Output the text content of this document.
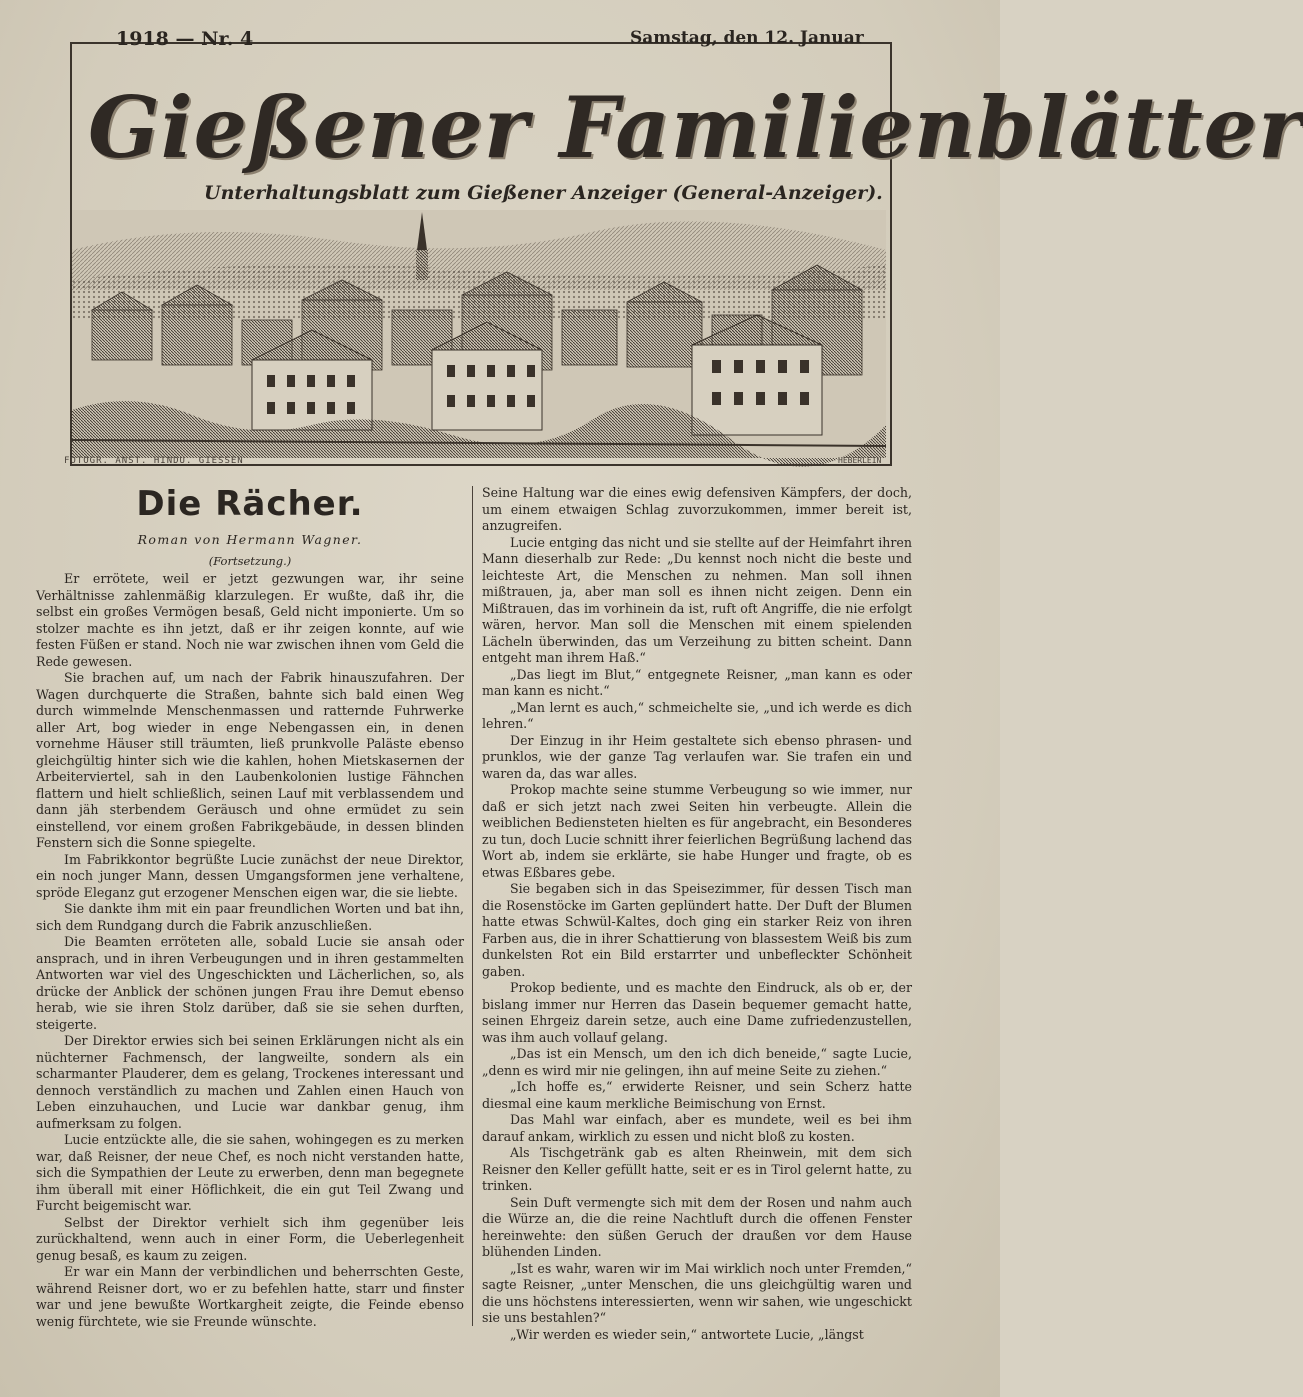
1918 — Nr. 4	Samstag, den 12. Januar
Gießener Familienblätter
Unterhaltungsblatt zum Gießener Anzeiger (General-Anzeiger).
FOTOGR. ANST. HINDU. GIESSEN	HEBERLEIN
Die Rächer.
Roman von Hermann Wagner.
(Fortsetzung.)

Er errötete, weil er jetzt gezwungen war, ihr seine Verhältnisse zahlenmäßig klarzulegen. Er wußte, daß ihr, die selbst ein großes Vermögen besaß, Geld nicht imponierte. Um so stolzer machte es ihn jetzt, daß er ihr zeigen konnte, auf wie festen Füßen er stand. Noch nie war zwischen ihnen vom Geld die Rede gewesen.

Sie brachen auf, um nach der Fabrik hinauszufahren. Der Wagen durchquerte die Straßen, bahnte sich bald einen Weg durch wimmelnde Menschenmassen und ratternde Fuhrwerke aller Art, bog wieder in enge Nebengassen ein, in denen vornehme Häuser still träumten, ließ prunkvolle Paläste ebenso gleichgültig hinter sich wie die kahlen, hohen Mietskasernen der Arbeiterviertel, sah in den Laubenkolonien lustige Fähnchen flattern und hielt schließlich, seinen Lauf mit verblassendem und dann jäh sterbendem Geräusch und ohne ermüdet zu sein einstellend, vor einem großen Fabrikgebäude, in dessen blinden Fenstern sich die Sonne spiegelte.

Im Fabrikkontor begrüßte Lucie zunächst der neue Direktor, ein noch junger Mann, dessen Umgangsformen jene verhaltene, spröde Eleganz gut erzogener Menschen eigen war, die sie liebte.

Sie dankte ihm mit ein paar freundlichen Worten und bat ihn, sich dem Rundgang durch die Fabrik anzuschließen.

Die Beamten erröteten alle, sobald Lucie sie ansah oder ansprach, und in ihren Verbeugungen und in ihren gestammelten Antworten war viel des Ungeschickten und Lächerlichen, so, als drücke der Anblick der schönen jungen Frau ihre Demut ebenso herab, wie sie ihren Stolz darüber, daß sie sie sehen durften, steigerte.

Der Direktor erwies sich bei seinen Erklärungen nicht als ein nüchterner Fachmensch, der langweilte, sondern als ein scharmanter Plauderer, dem es gelang, Trockenes interessant und dennoch verständlich zu machen und Zahlen einen Hauch von Leben einzuhauchen, und Lucie war dankbar genug, ihm aufmerksam zu folgen.

Lucie entzückte alle, die sie sahen, wohingegen es zu merken war, daß Reisner, der neue Chef, es noch nicht verstanden hatte, sich die Sympathien der Leute zu erwerben, denn man begegnete ihm überall mit einer Höflichkeit, die ein gut Teil Zwang und Furcht beigemischt war.

Selbst der Direktor verhielt sich ihm gegenüber leis zurückhaltend, wenn auch in einer Form, die Ueberlegenheit genug besaß, es kaum zu zeigen.

Er war ein Mann der verbindlichen und beherrschten Geste, während Reisner dort, wo er zu befehlen hatte, starr und finster war und jene bewußte Wortkargheit zeigte, die Feinde ebenso wenig fürchtete, wie sie Freunde wünschte.

Seine Haltung war die eines ewig defensiven Kämpfers, der doch, um einem etwaigen Schlag zuvorzukommen, immer bereit ist, anzugreifen.

Lucie entging das nicht und sie stellte auf der Heimfahrt ihren Mann dieserhalb zur Rede: „Du kennst noch nicht die beste und leichteste Art, die Menschen zu nehmen. Man soll ihnen mißtrauen, ja, aber man soll es ihnen nicht zeigen. Denn ein Mißtrauen, das im vorhinein da ist, ruft oft Angriffe, die nie erfolgt wären, hervor. Man soll die Menschen mit einem spielenden Lächeln überwinden, das um Verzeihung zu bitten scheint. Dann entgeht man ihrem Haß.“

„Das liegt im Blut,“ entgegnete Reisner, „man kann es oder man kann es nicht.“

„Man lernt es auch,“ schmeichelte sie, „und ich werde es dich lehren.“

Der Einzug in ihr Heim gestaltete sich ebenso phrasen- und prunklos, wie der ganze Tag verlaufen war. Sie trafen ein und waren da, das war alles.

Prokop machte seine stumme Verbeugung so wie immer, nur daß er sich jetzt nach zwei Seiten hin verbeugte. Allein die weiblichen Bediensteten hielten es für angebracht, ein Besonderes zu tun, doch Lucie schnitt ihrer feierlichen Begrüßung lachend das Wort ab, indem sie erklärte, sie habe Hunger und fragte, ob es etwas Eßbares gebe.

Sie begaben sich in das Speisezimmer, für dessen Tisch man die Rosenstöcke im Garten geplündert hatte. Der Duft der Blumen hatte etwas Schwül-Kaltes, doch ging ein starker Reiz von ihren Farben aus, die in ihrer Schattierung von blassestem Weiß bis zum dunkelsten Rot ein Bild erstarrter und unbefleckter Schönheit gaben.

Prokop bediente, und es machte den Eindruck, als ob er, der bislang immer nur Herren das Dasein bequemer gemacht hatte, seinen Ehrgeiz darein setze, auch eine Dame zufriedenzustellen, was ihm auch vollauf gelang.

„Das ist ein Mensch, um den ich dich beneide,“ sagte Lucie, „denn es wird mir nie gelingen, ihn auf meine Seite zu ziehen.“

„Ich hoffe es,“ erwiderte Reisner, und sein Scherz hatte diesmal eine kaum merkliche Beimischung von Ernst.

Das Mahl war einfach, aber es mundete, weil es bei ihm darauf ankam, wirklich zu essen und nicht bloß zu kosten.

Als Tischgetränk gab es alten Rheinwein, mit dem sich Reisner den Keller gefüllt hatte, seit er es in Tirol gelernt hatte, zu trinken.

Sein Duft vermengte sich mit dem der Rosen und nahm auch die Würze an, die die reine Nachtluft durch die offenen Fenster hereinwehte: den süßen Geruch der draußen vor dem Hause blühenden Linden.

„Ist es wahr, waren wir im Mai wirklich noch unter Fremden,“ sagte Reisner, „unter Menschen, die uns gleichgültig waren und die uns höchstens interessierten, wenn wir sahen, wie ungeschickt sie uns bestahlen?“

„Wir werden es wieder sein,“ antwortete Lucie, „längst
